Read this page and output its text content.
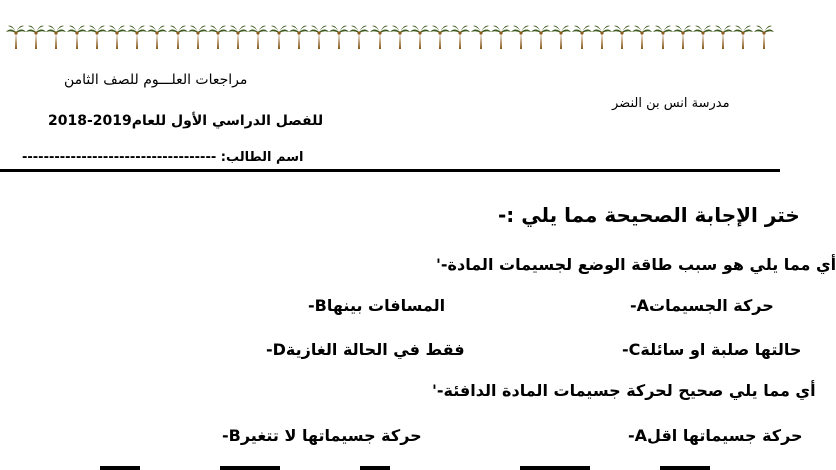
مراجعات العلـــوم للصف الثامن
مدرسة انس بن النضر
للفصل الدراسي الأول للعام2019-2018
------------------------------------ اسم الطالب:
ختر الإجابة الصحيحة مما يلي :-
أي مما يلي هو سبب طاقة الوضع لجسيمات المادة-'
حركة الجسيماتA-
المسافات بينهاB-
حالتها صلبة او سائلةC-
فقط في الحالة الغازيةD-
أي مما يلي صحيح لحركة جسيمات المادة الدافئة-'
حركة جسيماتها اقلA-
حركة جسيماتها لا تتغيرB-
